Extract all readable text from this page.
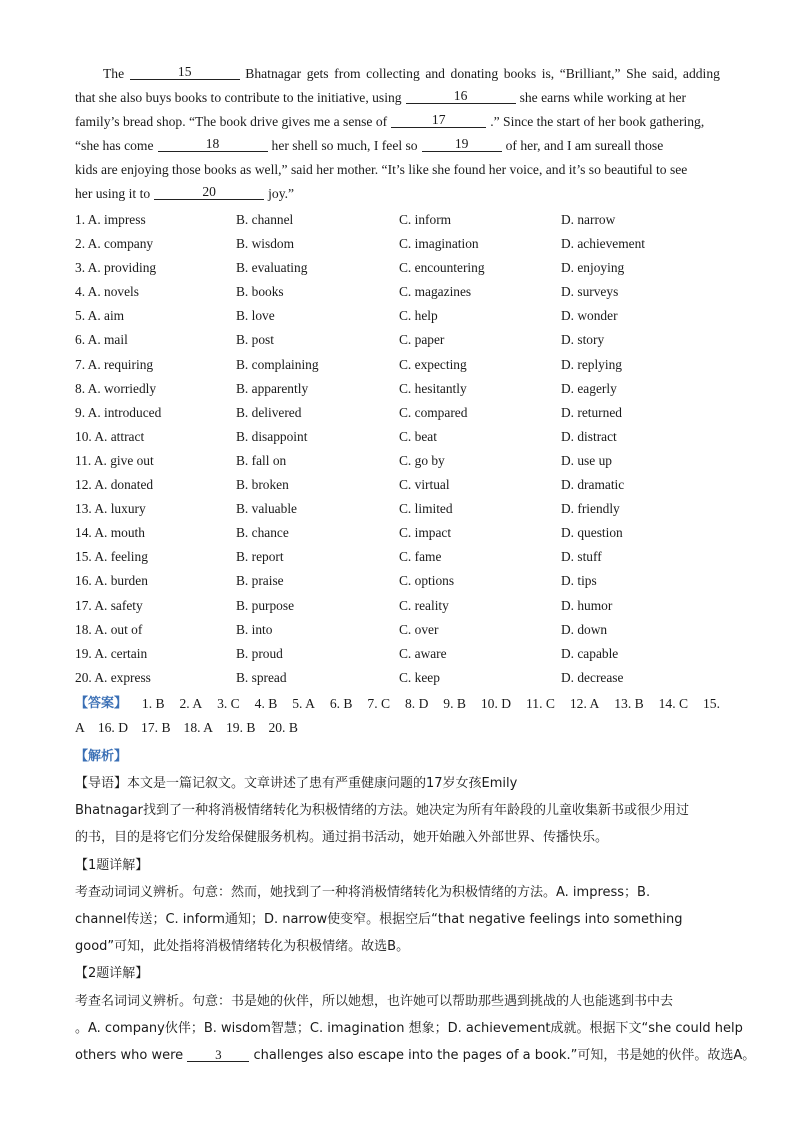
The	15	Bhatnagar gets from collecting and donating books is, “Brilliant,” She said, adding
that she also buys books to contribute to the initiative, using	16	she earns while working at her
family’s bread shop. “The book drive gives me a sense of	17	.” Since the start of her book gathering,
“she has come	18	her shell so much, I feel so	19	of her, and I am sureall those
kids are enjoying those books as well,” said her mother. “It’s like she found her voice, and it’s so beautiful to see
her using it to	20	joy.”
1. A. impress	B. channel	C. inform	D. narrow
2. A. company	B. wisdom	C. imagination	D. achievement
3. A. providing	B. evaluating	C. encountering	D. enjoying
4. A. novels	B. books	C. magazines	D. surveys
5. A. aim	B. love	C. help	D. wonder
6. A. mail	B. post	C. paper	D. story
7. A. requiring	B. complaining	C. expecting	D. replying
8. A. worriedly	B. apparently	C. hesitantly	D. eagerly
9. A. introduced	B. delivered	C. compared	D. returned
10. A. attract	B. disappoint	C. beat	D. distract
11. A. give out	B. fall on	C. go by	D. use up
12. A. donated	B. broken	C. virtual	D. dramatic
13. A. luxury	B. valuable	C. limited	D. friendly
14. A. mouth	B. chance	C. impact	D. question
15. A. feeling	B. report	C. fame	D. stuff
16. A. burden	B. praise	C. options	D. tips
17. A. safety	B. purpose	C. reality	D. humor
18. A. out of	B. into	C. over	D. down
19. A. certain	B. proud	C. aware	D. capable
20. A. express	B. spread	C. keep	D. decrease
【答案】 1. B 2. A 3. C 4. B 5. A 6. B 7. C 8. D 9. B 10. D 11. C 12. A 13. B 14. C 15.
A 16. D 17. B 18. A 19. B 20. B
【解析】
【导语】本文是一篇记叙文。文章讲述了患有严重健康问题的17岁女孩Emily
Bhatnagar找到了一种将消极情绪转化为积极情绪的方法。她决定为所有年龄段的儿童收集新书或很少用过
的书，目的是将它们分发给保健服务机构。通过捐书活动，她开始融入外部世界、传播快乐。
【1题详解】
考查动词词义辨析。句意：然而，她找到了一种将消极情绪转化为积极情绪的方法。A. impress；B.
channel传送；C. inform通知；D. narrow使变窄。根据空后“that negative feelings into something
good”可知，此处指将消极情绪转化为积极情绪。故选B。
【2题详解】
考查名词词义辨析。句意：书是她的伙伴，所以她想，也许她可以帮助那些遇到挑战的人也能逃到书中去
。A. company伙伴；B. wisdom智慧；C. imagination 想象；D. achievement成就。根据下文“she could help
others who were 3 challenges also escape into the pages of a book.”可知，书是她的伙伴。故选A。
